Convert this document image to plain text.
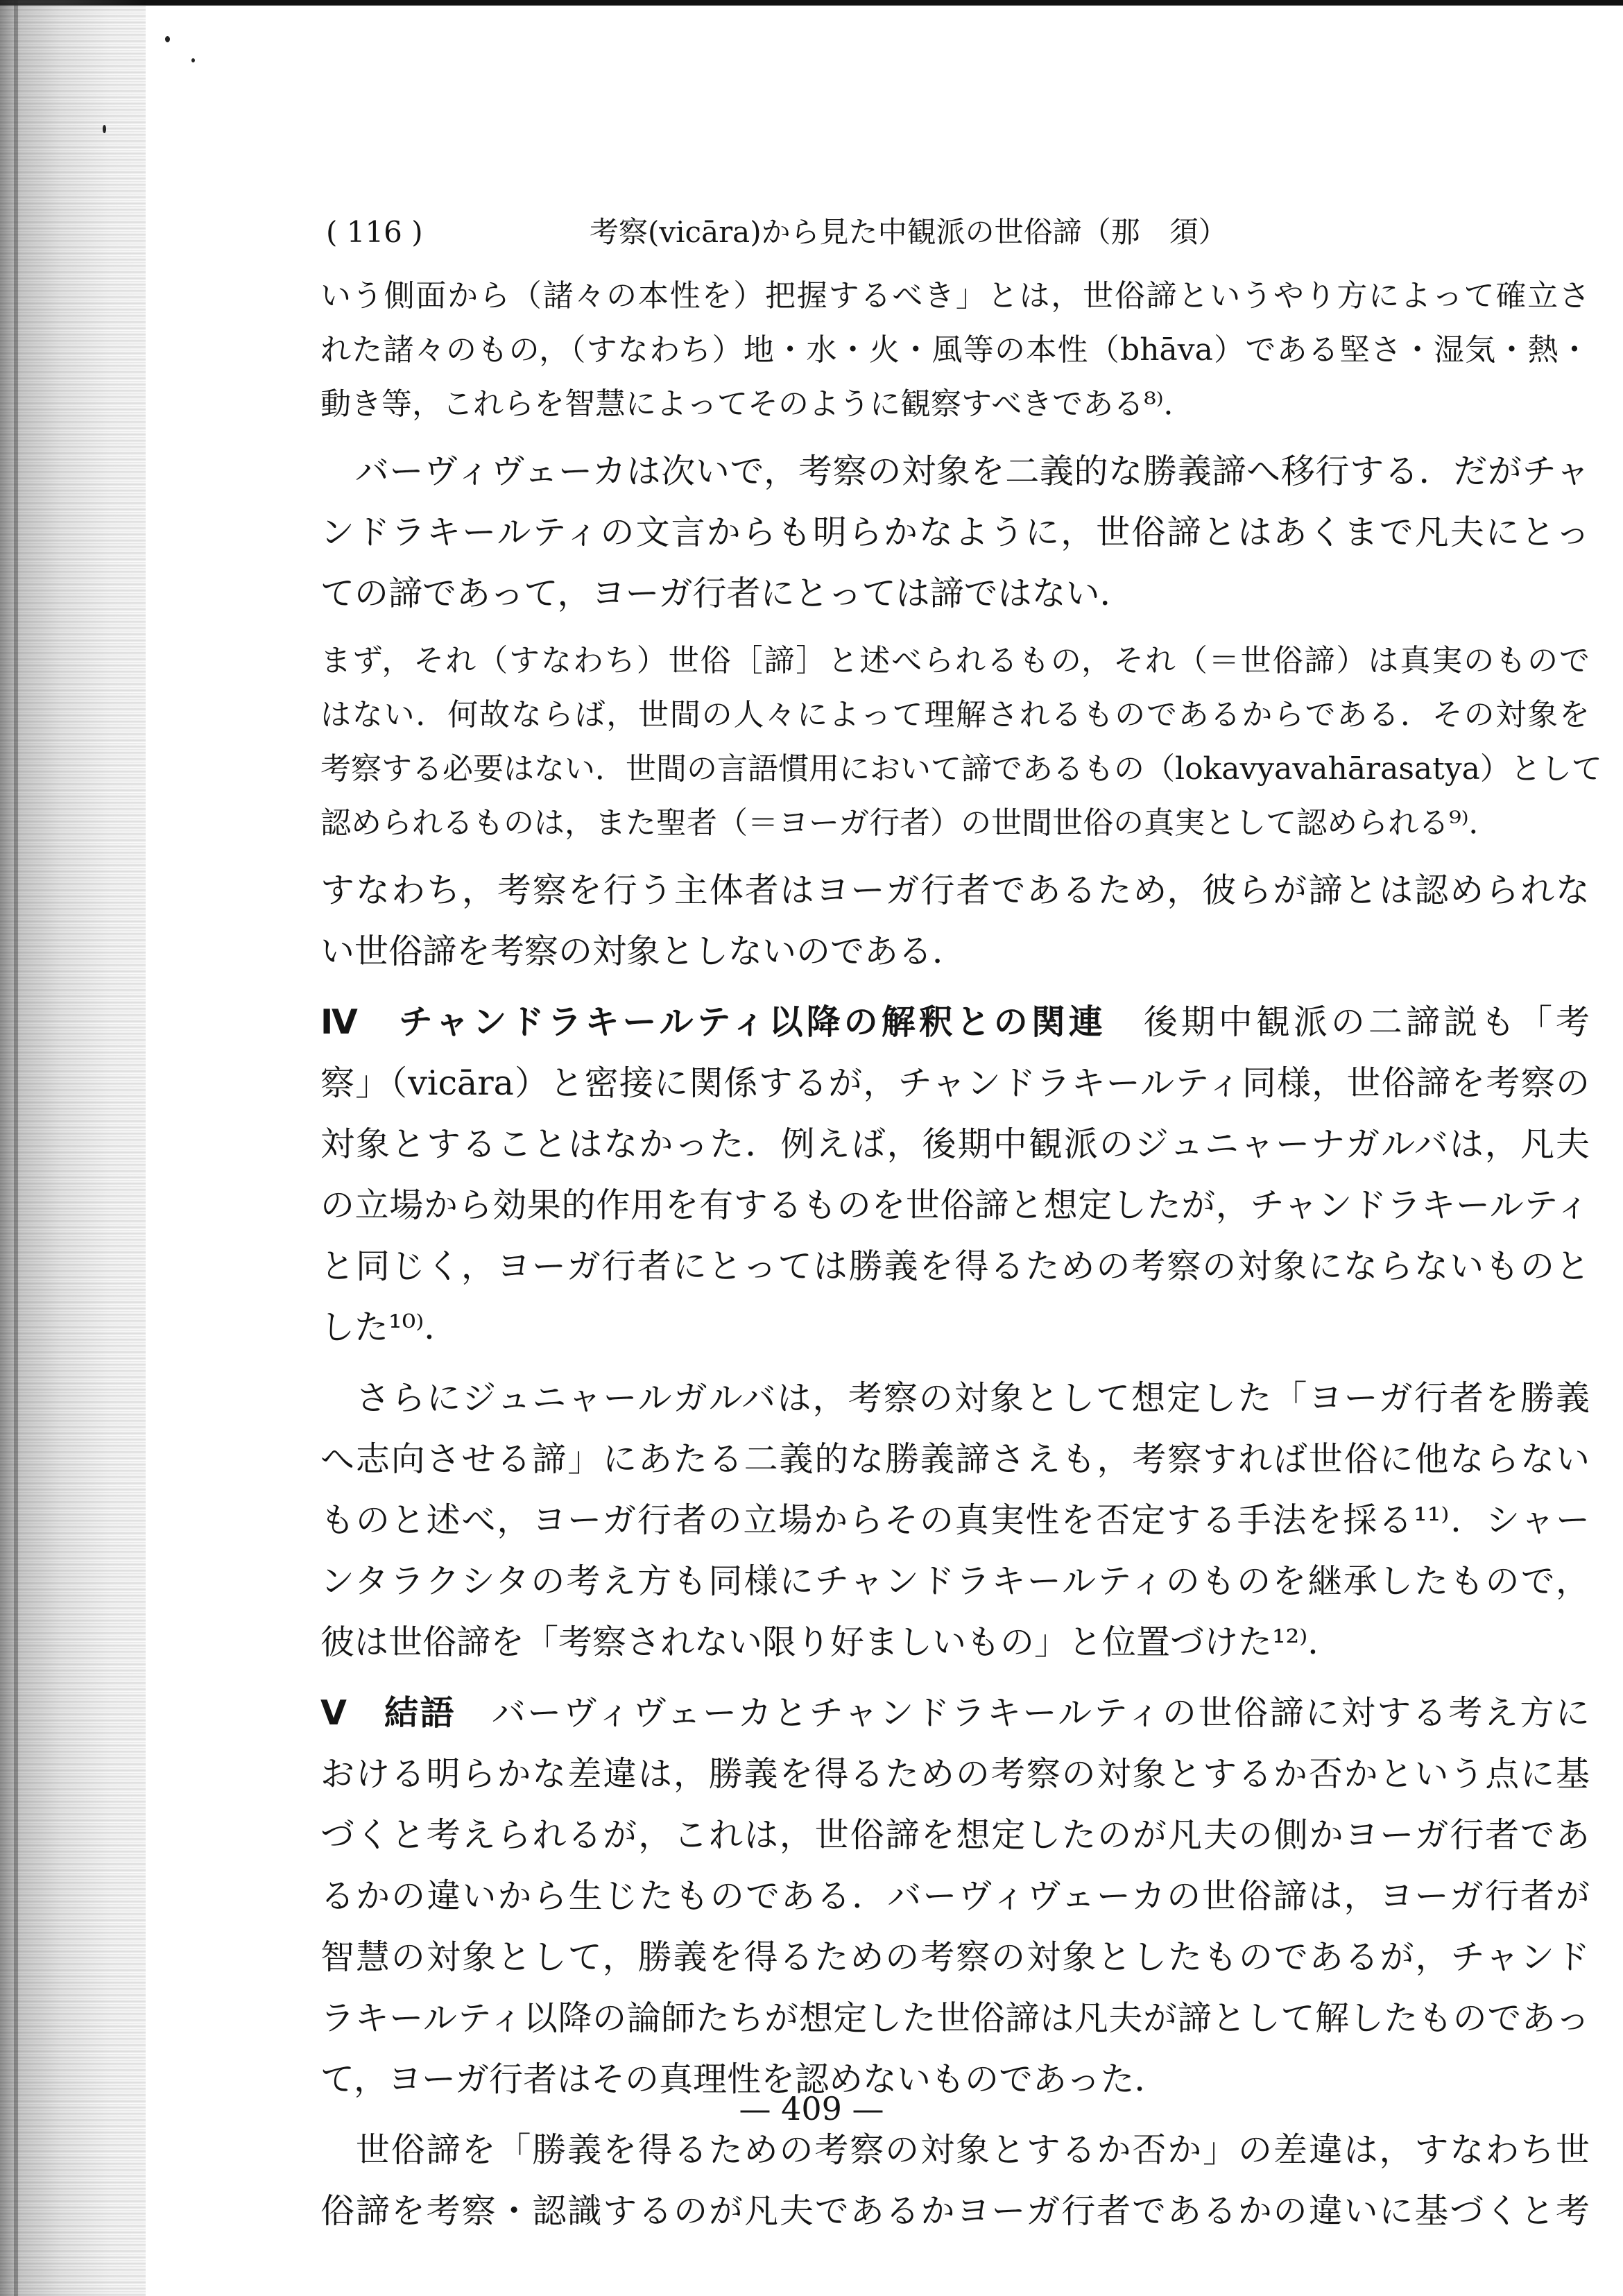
( 116 )	考察(vicāra)から見た中観派の世俗諦（那　須）
いう側面から（諸々の本性を）把握するべき」とは，世俗諦というやり方によって確立さ
れた諸々のもの，（すなわち）地・水・火・風等の本性（bhāva）である堅さ・湿気・熱・
動き等，これらを智慧によってそのように観察すべきである⁸⁾．
　バーヴィヴェーカは次いで，考察の対象を二義的な勝義諦へ移行する．だがチャ
ンドラキールティの文言からも明らかなように，世俗諦とはあくまで凡夫にとっ
ての諦であって，ヨーガ行者にとっては諦ではない．
まず，それ（すなわち）世俗［諦］と述べられるもの，それ（＝世俗諦）は真実のもので
はない．何故ならば，世間の人々によって理解されるものであるからである．その対象を
考察する必要はない．世間の言語慣用において諦であるもの（lokavyavahārasatya）として
認められるものは，また聖者（＝ヨーガ行者）の世間世俗の真実として認められる⁹⁾．
すなわち，考察を行う主体者はヨーガ行者であるため，彼らが諦とは認められな
い世俗諦を考察の対象としないのである．
Ⅳ　チャンドラキールティ以降の解釈との関連　後期中観派の二諦説も「考
察」（vicāra）と密接に関係するが，チャンドラキールティ同様，世俗諦を考察の
対象とすることはなかった．例えば，後期中観派のジュニャーナガルバは，凡夫
の立場から効果的作用を有するものを世俗諦と想定したが，チャンドラキールティ
と同じく，ヨーガ行者にとっては勝義を得るための考察の対象にならないものと
した¹⁰⁾．
　さらにジュニャールガルバは，考察の対象として想定した「ヨーガ行者を勝義
へ志向させる諦」にあたる二義的な勝義諦さえも，考察すれば世俗に他ならない
ものと述べ，ヨーガ行者の立場からその真実性を否定する手法を採る¹¹⁾．シャー
ンタラクシタの考え方も同様にチャンドラキールティのものを継承したもので，
彼は世俗諦を「考察されない限り好ましいもの」と位置づけた¹²⁾．
Ⅴ　結語　バーヴィヴェーカとチャンドラキールティの世俗諦に対する考え方に
おける明らかな差違は，勝義を得るための考察の対象とするか否かという点に基
づくと考えられるが，これは，世俗諦を想定したのが凡夫の側かヨーガ行者であ
るかの違いから生じたものである．バーヴィヴェーカの世俗諦は，ヨーガ行者が
智慧の対象として，勝義を得るための考察の対象としたものであるが，チャンド
ラキールティ以降の論師たちが想定した世俗諦は凡夫が諦として解したものであっ
て，ヨーガ行者はその真理性を認めないものであった．
　世俗諦を「勝義を得るための考察の対象とするか否か」の差違は，すなわち世
俗諦を考察・認識するのが凡夫であるかヨーガ行者であるかの違いに基づくと考
— 409 —
